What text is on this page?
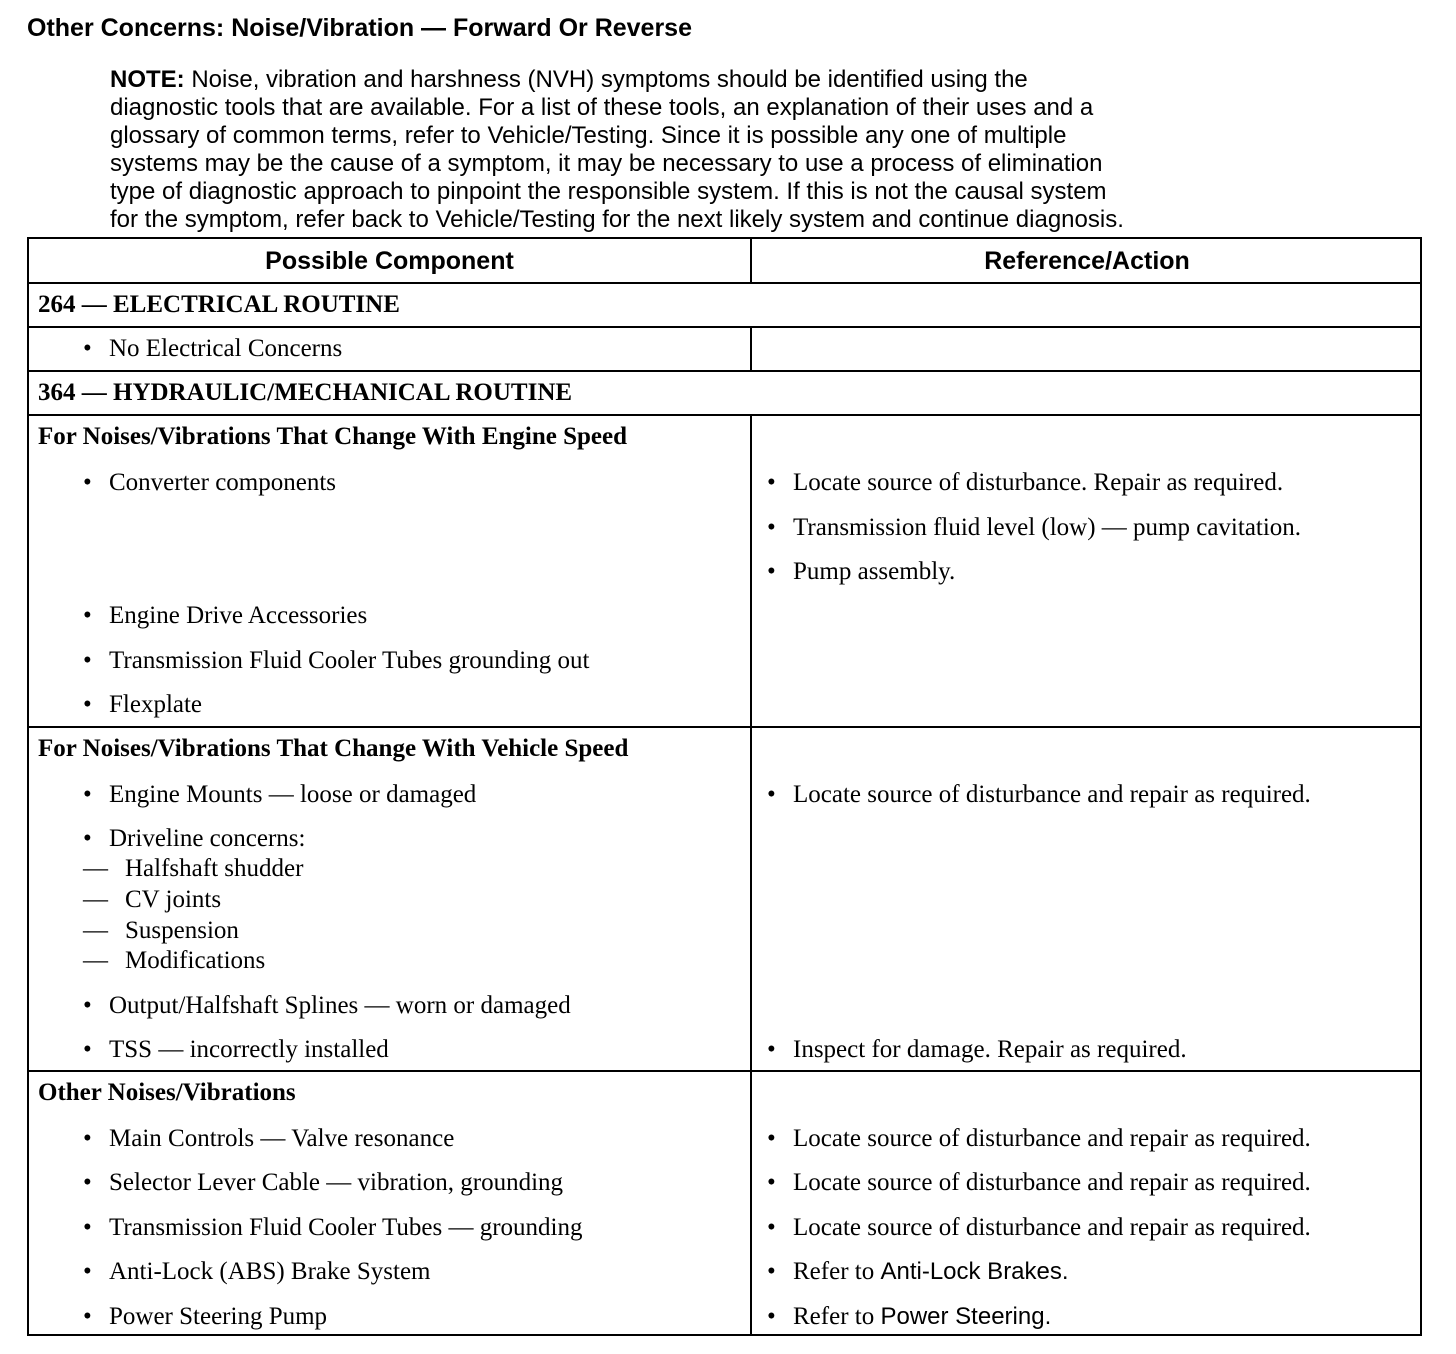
Other Concerns: Noise/Vibration — Forward Or Reverse
NOTE: Noise, vibration and harshness (NVH) symptoms should be identified using the
diagnostic tools that are available. For a list of these tools, an explanation of their uses and a
glossary of common terms, refer to Vehicle/Testing. Since it is possible any one of multiple
systems may be the cause of a symptom, it may be necessary to use a process of elimination
type of diagnostic approach to pinpoint the responsible system. If this is not the causal system
for the symptom, refer back to Vehicle/Testing for the next likely system and continue diagnosis.
Possible Component	Reference/Action
264 — ELECTRICAL ROUTINE
• No Electrical Concerns
364 — HYDRAULIC/MECHANICAL ROUTINE
For Noises/Vibrations That Change With Engine Speed
• Converter components
• Engine Drive Accessories
• Transmission Fluid Cooler Tubes grounding out
• Flexplate
• Locate source of disturbance. Repair as required.
• Transmission fluid level (low) — pump cavitation.
• Pump assembly.
For Noises/Vibrations That Change With Vehicle Speed
• Engine Mounts — loose or damaged
• Driveline concerns:
— Halfshaft shudder
— CV joints
— Suspension
— Modifications
• Output/Halfshaft Splines — worn or damaged
• TSS — incorrectly installed
• Locate source of disturbance and repair as required.
• Inspect for damage. Repair as required.
Other Noises/Vibrations
• Main Controls — Valve resonance
• Selector Lever Cable — vibration, grounding
• Transmission Fluid Cooler Tubes — grounding
• Anti-Lock (ABS) Brake System
• Power Steering Pump
• Locate source of disturbance and repair as required.
• Locate source of disturbance and repair as required.
• Locate source of disturbance and repair as required.
• Refer to Anti-Lock Brakes.
• Refer to Power Steering.
